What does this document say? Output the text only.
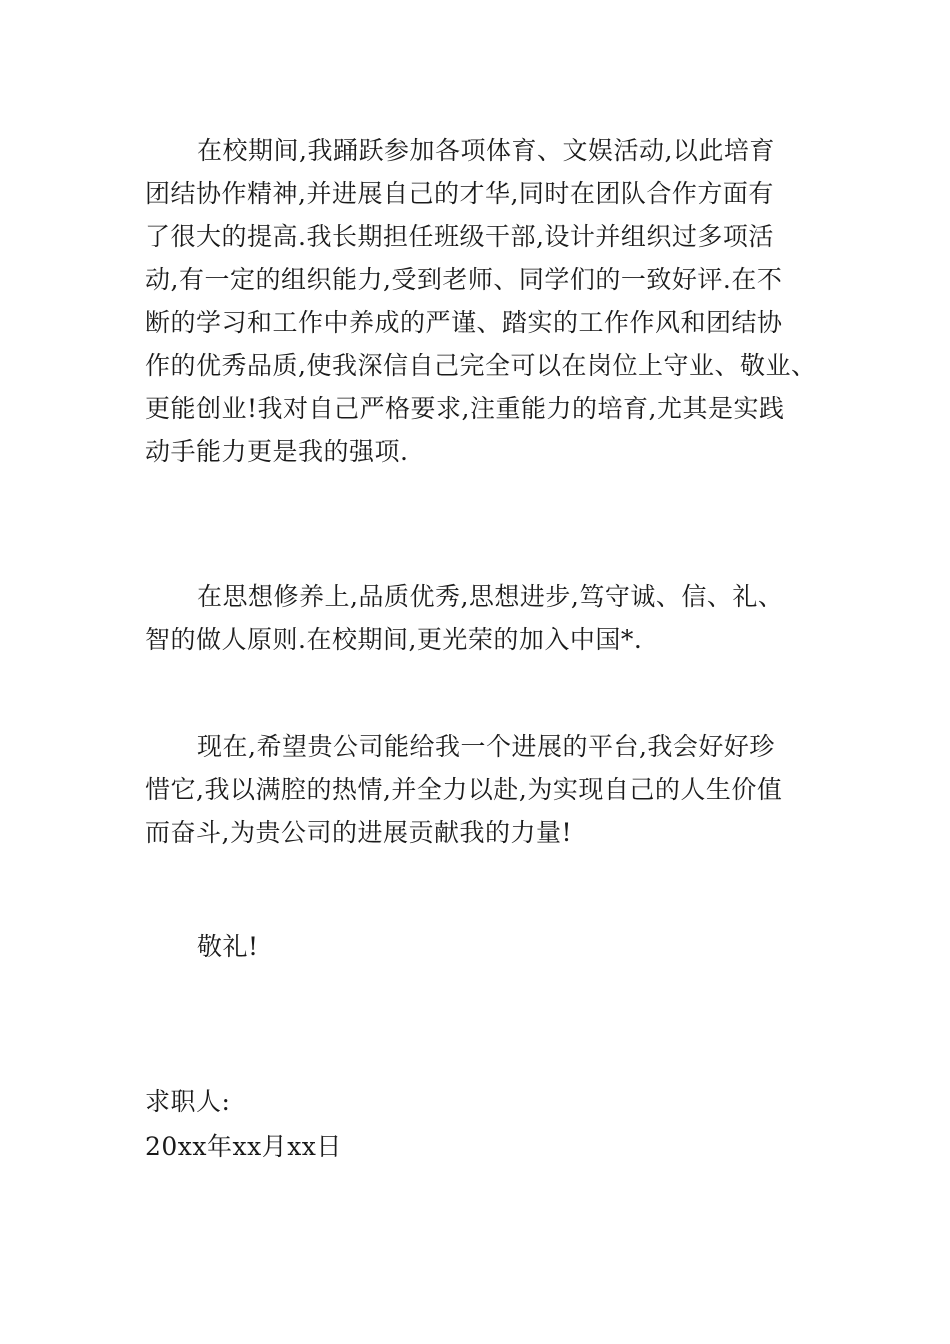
在校期间,我踊跃参加各项体育、文娱活动,以此培育
团结协作精神,并进展自己的才华,同时在团队合作方面有
了很大的提高.我长期担任班级干部,设计并组织过多项活
动,有一定的组织能力,受到老师、同学们的一致好评.在不
断的学习和工作中养成的严谨、踏实的工作作风和团结协
作的优秀品质,使我深信自己完全可以在岗位上守业、敬业、
更能创业!我对自己严格要求,注重能力的培育,尤其是实践
动手能力更是我的强项.
在思想修养上,品质优秀,思想进步,笃守诚、信、礼、
智的做人原则.在校期间,更光荣的加入中国*.
现在,希望贵公司能给我一个进展的平台,我会好好珍
惜它,我以满腔的热情,并全力以赴,为实现自己的人生价值
而奋斗,为贵公司的进展贡献我的力量!
敬礼!
求职人:
20xx年xx月xx日
